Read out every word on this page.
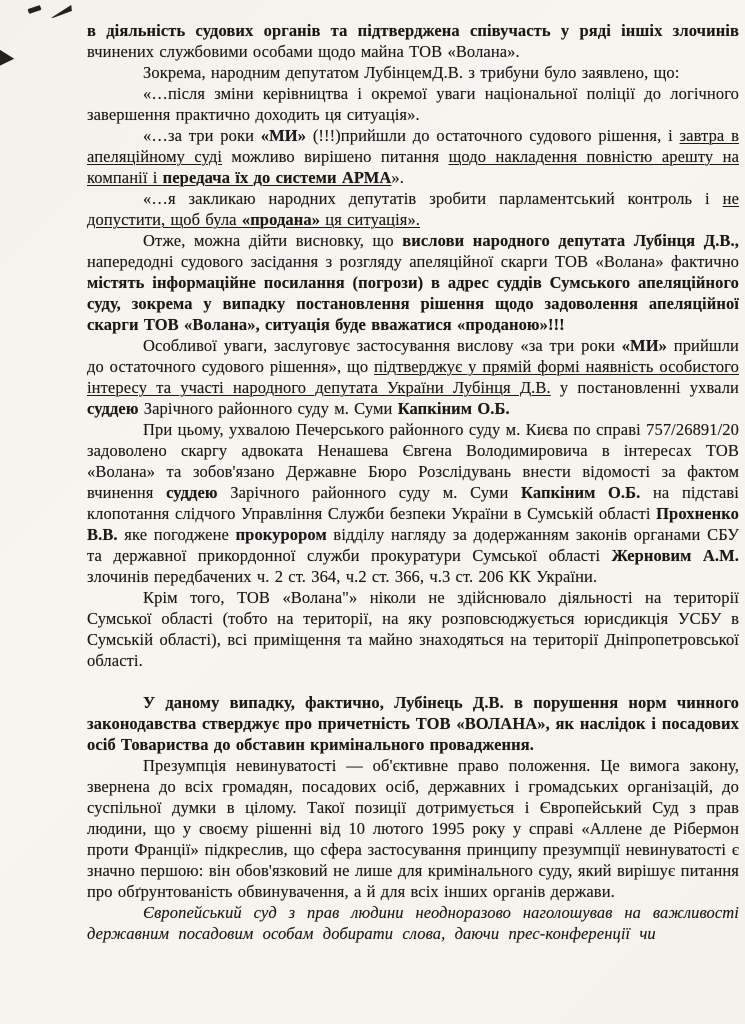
в діяльність судових органів та підтверджена співучасть у ряді іншіх злочинів вчинених службовими особами щодо майна ТОВ «Волана».

Зокрема, народним депутатом ЛубінцемД.В. з трибуни було заявлено, що:

«…після зміни керівництва і окремої уваги національної поліції до логічного завершення практично доходить ця ситуація».

«…за три роки «МИ» (!!!)прийшли до остаточного судового рішення, і завтра в апеляційному суді можливо вирішено питання щодо накладення повністю арешту на компанії і передача їх до системи АРМА».

«…я закликаю народних депутатів зробити парламентський контроль і не допустити, щоб була «продана» ця ситуація».

Отже, можна дійти висновку, що вислови народного депутата Лубінця Д.В., напередодні судового засідання з розгляду апеляційної скарги ТОВ «Волана» фактично містять інформаційне посилання (погрози) в адрес суддів Сумського апеляційного суду, зокрема у випадку постановлення рішення щодо задоволення апеляційної скарги ТОВ «Волана», ситуація буде вважатися «проданою»!!!

Особливої уваги, заслуговує застосування вислову «за три роки «МИ» прийшли до остаточного судового рішення», що підтверджує у прямій формі наявність особистого інтересу та участі народного депутата України Лубінця Д.В. у постановленні ухвали суддею Зарічного районного суду м. Суми Капкіним О.Б.

При цьому, ухвалою Печерського районного суду м. Києва по справі 757/26891/20 задоволено скаргу адвоката Ненашева Євгена Володимировича в інтересах ТОВ «Волана» та зобов'язано Державне Бюро Розслідувань внести відомості за фактом вчинення суддею Зарічного районного суду м. Суми Капкіним О.Б. на підставі клопотання слідчого Управління Служби безпеки України в Сумській області Прохненко В.В. яке погоджене прокурором відділу нагляду за додержанням законів органами СБУ та державної прикордонної служби прокуратури Сумської області Жерновим А.М. злочинів передбачених ч. 2 ст. 364, ч.2 ст. 366, ч.3 ст. 206 КК України.

Крім того, ТОВ «Волана"» ніколи не здійснювало діяльності на території Сумської області (тобто на території, на яку розповсюджується юрисдикція УСБУ в Сумській області), всі приміщення та майно знаходяться на території Дніпропетровської області.

У даному випадку, фактично, Лубінець Д.В. в порушення норм чинного законодавства стверджує про причетність ТОВ «ВОЛАНА», як наслідок і посадових осіб Товариства до обставин кримінального провадження.

Презумпція невинуватості — об'єктивне право положення. Це вимога закону, звернена до всіх громадян, посадових осіб, державних і громадських організацій, до суспільної думки в цілому. Такої позиції дотримується і Європейський Суд з прав людини, що у своєму рішенні від 10 лютого 1995 року у справі «Аллене де Рібермон проти Франції» підкреслив, що сфера застосування принципу презумпції невинуватості є значно першою: він обов'язковий не лише для кримінального суду, який вирішує питання про обґрунтованість обвинувачення, а й для всіх інших органів держави.

Європейський суд з прав людини неодноразово наголошував на важливості державним посадовим особам добирати слова, даючи прес-конференції чи
